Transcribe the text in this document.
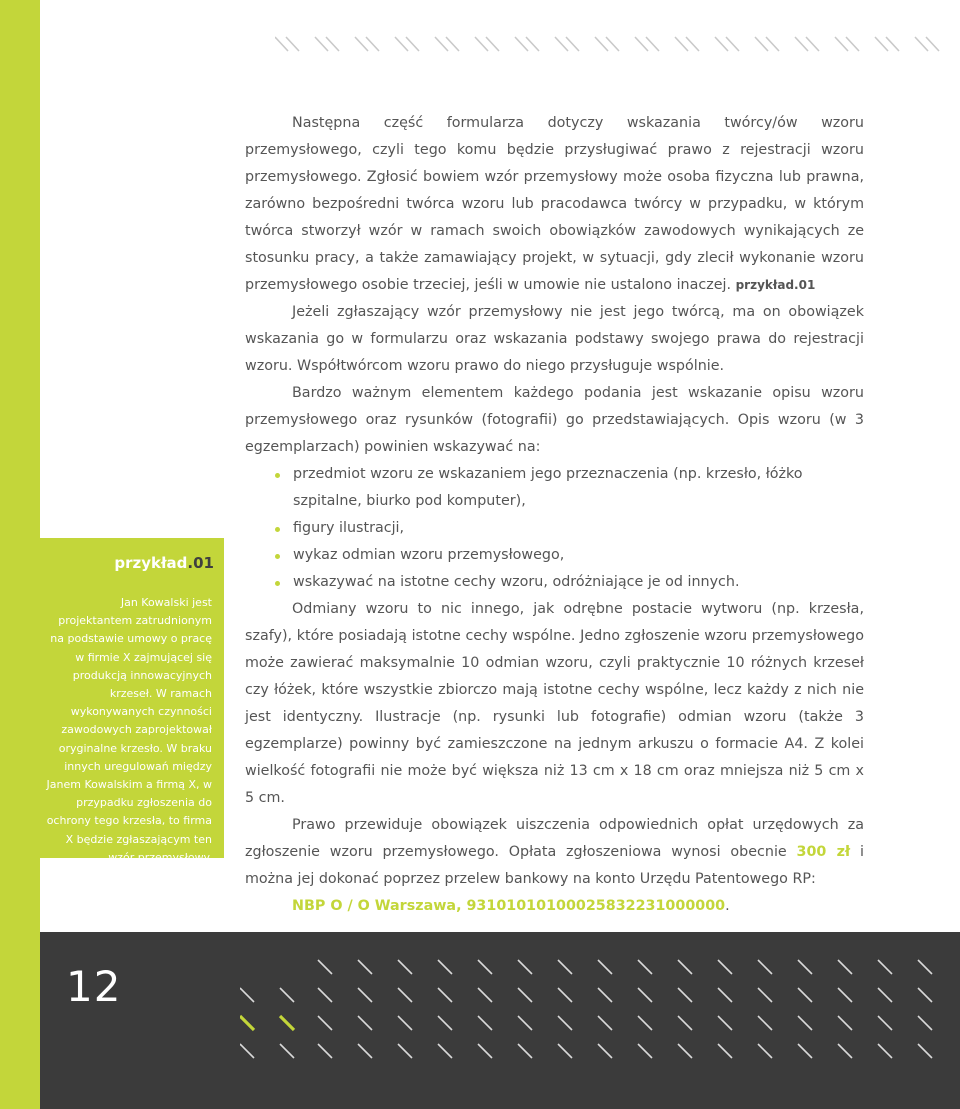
przykład.01

Jan Kowalski jest projektantem zatrudnionym na podstawie umowy o pracę w firmie X zajmującej się produkcją innowacyjnych krzeseł. W ramach wykonywanych czynności zawodowych zaprojektował oryginalne krzesło. W braku innych uregulowań między Janem Kowalskim a firmą X, w przypadku zgłoszenia do ochrony tego krzesła, to firma X będzie zgłaszającym ten wzór przemysłowy.

Następna część formularza dotyczy wskazania twórcy/ów wzoru przemysłowego, czyli tego komu będzie przysługiwać prawo z rejestracji wzoru przemysłowego. Zgłosić bowiem wzór przemysłowy może osoba fizyczna lub prawna, zarówno bezpośredni twórca wzoru lub pracodawca twórcy w przypadku, w którym twórca stworzył wzór w ramach swoich obowiązków zawodowych wynikających ze stosunku pracy, a także zamawiający projekt, w sytuacji, gdy zlecił wykonanie wzoru przemysłowego osobie trzeciej, jeśli w umowie nie ustalono inaczej. przykład.01

Jeżeli zgłaszający wzór przemysłowy nie jest jego twórcą, ma on obowiązek wskazania go w formularzu oraz wskazania podstawy swojego prawa do rejestracji wzoru. Współtwórcom wzoru prawo do niego przysługuje wspólnie.

Bardzo ważnym elementem każdego podania jest wskazanie opisu wzoru przemysłowego oraz rysunków (fotografii) go przedstawiających. Opis wzoru (w 3 egzemplarzach) powinien wskazywać na:

przedmiot wzoru ze wskazaniem jego przeznaczenia (np. krzesło, łóżko szpitalne, biurko pod komputer),
figury ilustracji,
wykaz odmian wzoru przemysłowego,
wskazywać na istotne cechy wzoru, odróżniające je od innych.

Odmiany wzoru to nic innego, jak odrębne postacie wytworu (np. krzesła, szafy), które posiadają istotne cechy wspólne. Jedno zgłoszenie wzoru przemysłowego może zawierać maksymalnie 10 odmian wzoru, czyli praktycznie 10 różnych krzeseł czy łóżek, które wszystkie zbiorczo mają istotne cechy wspólne, lecz każdy z nich nie jest identyczny. Ilustracje (np. rysunki lub fotografie) odmian wzoru (także 3 egzemplarze) powinny być zamieszczone na jednym arkuszu o formacie A4. Z kolei wielkość fotografii nie może być większa niż 13 cm x 18 cm oraz mniejsza niż 5 cm x 5 cm.

Prawo przewiduje obowiązek uiszczenia odpowiednich opłat urzędowych za zgłoszenie wzoru przemysłowego. Opłata zgłoszeniowa wynosi obecnie 300 zł i można jej dokonać poprzez przelew bankowy na konto Urzędu Patentowego RP:

NBP O / O Warszawa, 93101010100025832231000000.

12
